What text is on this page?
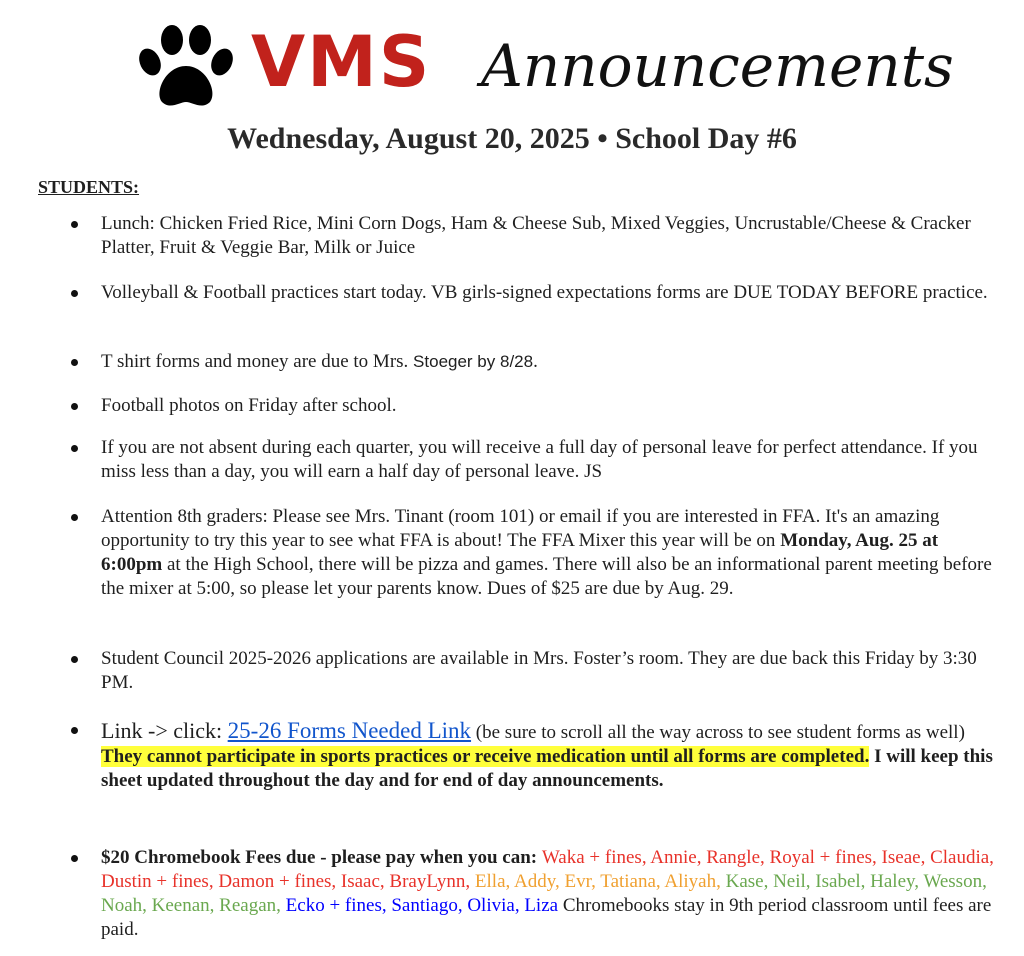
VMS Announcements
Wednesday, August 20, 2025 • School Day #6
STUDENTS:
Lunch: Chicken Fried Rice, Mini Corn Dogs, Ham & Cheese Sub, Mixed Veggies, Uncrustable/Cheese & Cracker Platter, Fruit & Veggie Bar, Milk or Juice
Volleyball & Football practices start today. VB girls-signed expectations forms are DUE TODAY BEFORE practice.
T shirt forms and money are due to Mrs. Stoeger by 8/28.
Football photos on Friday after school.
If you are not absent during each quarter, you will receive a full day of personal leave for perfect attendance. If you miss less than a day, you will earn a half day of personal leave. JS
Attention 8th graders: Please see Mrs. Tinant (room 101) or email if you are interested in FFA. It's an amazing opportunity to try this year to see what FFA is about! The FFA Mixer this year will be on Monday, Aug. 25 at 6:00pm at the High School, there will be pizza and games. There will also be an informational parent meeting before the mixer at 5:00, so please let your parents know. Dues of $25 are due by Aug. 29.
Student Council 2025-2026 applications are available in Mrs. Foster’s room. They are due back this Friday by 3:30 PM.
Link -> click: 25-26 Forms Needed Link (be sure to scroll all the way across to see student forms as well) They cannot participate in sports practices or receive medication until all forms are completed. I will keep this sheet updated throughout the day and for end of day announcements.
$20 Chromebook Fees due - please pay when you can: Waka + fines, Annie, Rangle, Royal + fines, Iseae, Claudia, Dustin + fines, Damon + fines, Isaac, BrayLynn, Ella, Addy, Evr, Tatiana, Aliyah, Kase, Neil, Isabel, Haley, Wesson, Noah, Keenan, Reagan, Ecko + fines, Santiago, Olivia, Liza Chromebooks stay in 9th period classroom until fees are paid.
